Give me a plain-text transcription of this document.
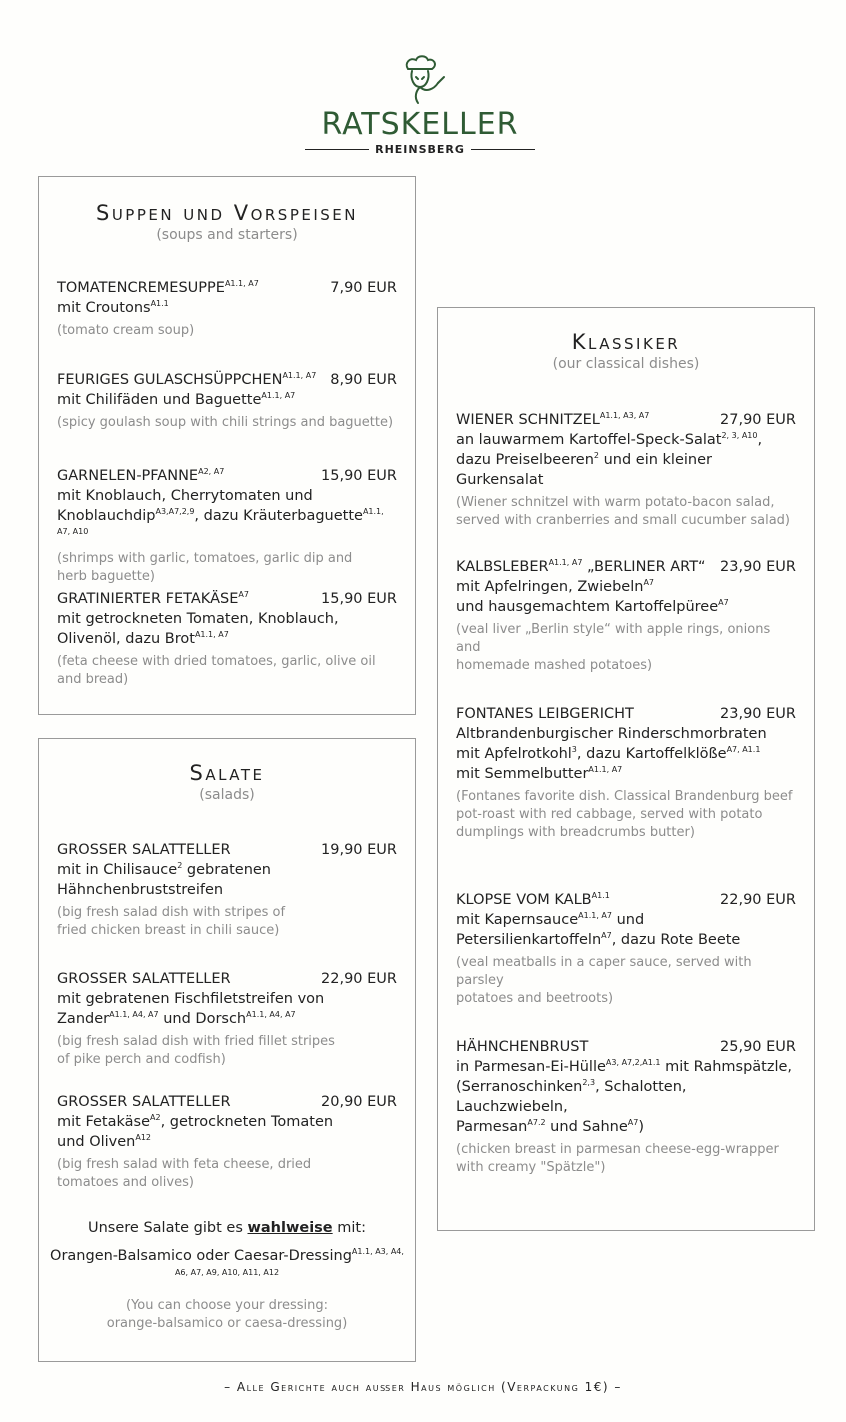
RATSKELLER
RHEINSBERG
Suppen und Vorspeisen
(soups and starters)
$TOMATENCREMESUPPE^{A1.1, A7}$	7,90 EUR
mit Croutons$^{A1.1}$
(tomato cream soup)
FEURIGES $GULASCHSÜPPCHEN^{A1.1, A7}$ 8,90 EUR
mit Chilifäden und Baguette$^{A1.1, A7}$
(spicy goulash soup with chili strings and baguette)
GARNELEN-$PFANNE^{A2, A7}$	15,90 EUR
mit Knoblauch, Cherrytomaten und
Knoblauchdip$^{A3,A7,2,9}$, dazu Kräuterbaguette$^{A1.1, A7, A10}$
(shrimps with garlic, tomatoes, garlic dip and
herb baguette)
GRATINIERTER $FETAKÄSE^{A7}$	15,90 EUR
mit getrockneten Tomaten, Knoblauch,
Olivenöl, dazu Brot$^{A1.1, A7}$
(feta cheese with dried tomatoes, garlic, olive oil
and bread)
Salate
(salads)
GROSSER SALATTELLER	19,90 EUR
mit in Chilisauce$^2$ gebratenen
Hähnchenbruststreifen
(big fresh salad dish with stripes of
fried chicken breast in chili sauce)
GROSSER SALATTELLER	22,90 EUR
mit gebratenen Fischfiletstreifen von
Zander$^{A1.1, A4, A7}$ und Dorsch$^{A1.1, A4, A7}$
(big fresh salad dish with fried fillet stripes
of pike perch and codfish)
GROSSER SALATTELLER	20,90 EUR
mit Fetakäse$^{A2}$, getrockneten Tomaten
und Oliven$^{A12}$
(big fresh salad with feta cheese, dried
tomatoes and olives)
Unsere Salate gibt es wahlweise mit:
Orangen-Balsamico oder Caesar-Dressing$^{A1.1, A3, A4,}$
A6, A7, A9, A10, A11, A12
(You can choose your dressing:
orange-balsamico or caesa-dressing)
Klassiker
(our classical dishes)
WIENER $SCHNITZEL^{A1.1, A3, A7}$	27,90 EUR
an lauwarmem Kartoffel-Speck-Salat$^{2, 3, A10}$,
dazu Preiselbeeren$^2$ und ein kleiner Gurkensalat
(Wiener schnitzel with warm potato-bacon salad,
served with cranberries and small cucumber salad)
$KALBSLEBER^{A1.1, A7}$ „BERLINER ART“ 23,90 EUR
mit Apfelringen, Zwiebeln$^{A7}$
und hausgemachtem Kartoffelpüree$^{A7}$
(veal liver „Berlin style“ with apple rings, onions and
homemade mashed potatoes)
FONTANES LEIBGERICHT	23,90 EUR
Altbrandenburgischer Rinderschmorbraten
mit Apfelrotkohl$^3$, dazu Kartoffelklöße$^{A7, A1.1}$
mit Semmelbutter$^{A1.1, A7}$
(Fontanes favorite dish. Classical Brandenburg beef
pot-roast with red cabbage, served with potato
dumplings with breadcrumbs butter)
KLOPSE VOM $KALB^{A1.1}$	22,90 EUR
mit Kapernsauce$^{A1.1, A7}$ und
Petersilienkartoffeln$^{A7}$, dazu Rote Beete
(veal meatballs in a caper sauce, served with parsley
potatoes and beetroots)
HÄHNCHENBRUST	25,90 EUR
in Parmesan-Ei-Hülle$^{A3, A7,2,A1.1}$ mit Rahmspätzle,
(Serranoschinken$^{2,3}$, Schalotten, Lauchzwiebeln,
Parmesan$^{A7.2}$ und Sahne$^{A7}$)
(chicken breast in parmesan cheese-egg-wrapper
with creamy "Spätzle")
– Alle Gerichte auch außer Haus möglich (Verpackung 1€) –
